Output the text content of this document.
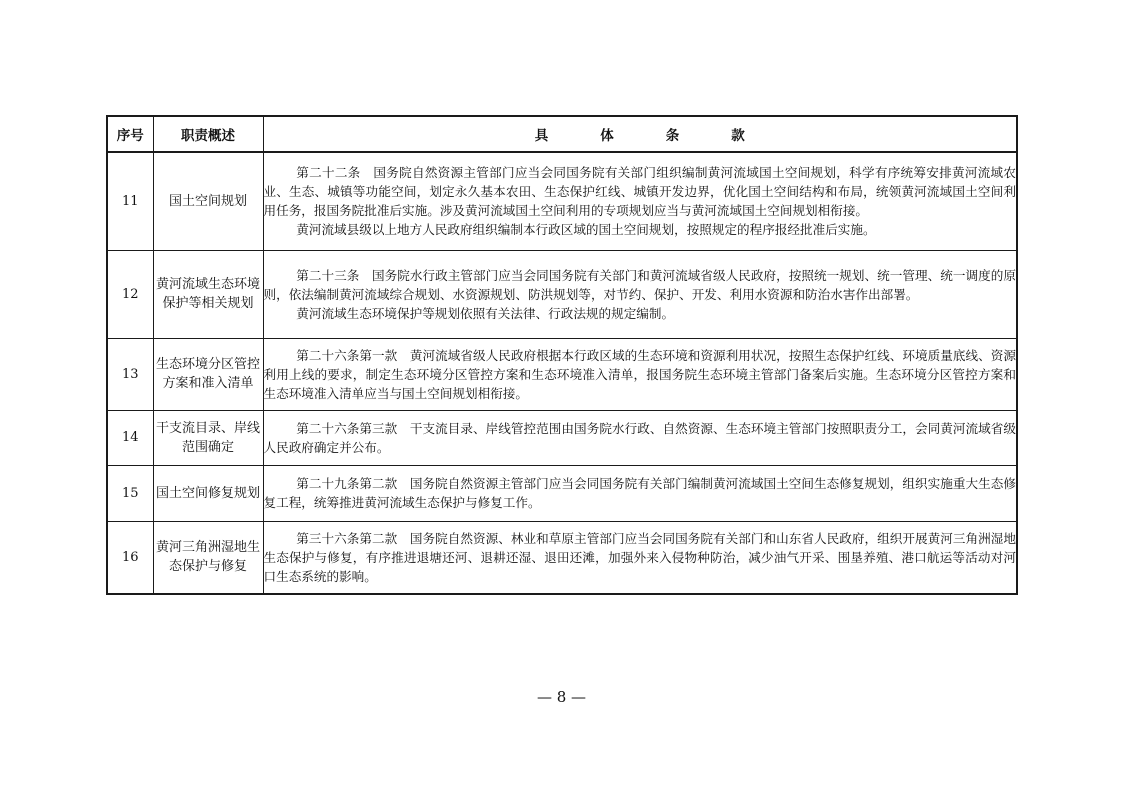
序号	职责概述	具体条款
11	国土空间规划	第二十二条　国务院自然资源主管部门应当会同国务院有关部门组织编制黄河流域国土空间规划，科学有序统筹安排黄河流域农业、生态、城镇等功能空间，划定永久基本农田、生态保护红线、城镇开发边界，优化国土空间结构和布局，统领黄河流域国土空间利用任务，报国务院批准后实施。涉及黄河流域国土空间利用的专项规划应当与黄河流域国土空间规划相衔接。

黄河流域县级以上地方人民政府组织编制本行政区域的国土空间规划，按照规定的程序报经批准后实施。

12	黄河流域生态环境保护等相关规划	第二十三条　国务院水行政主管部门应当会同国务院有关部门和黄河流域省级人民政府，按照统一规划、统一管理、统一调度的原则，依法编制黄河流域综合规划、水资源规划、防洪规划等，对节约、保护、开发、利用水资源和防治水害作出部署。

黄河流域生态环境保护等规划依照有关法律、行政法规的规定编制。

13	生态环境分区管控方案和准入清单	第二十六条第一款　黄河流域省级人民政府根据本行政区域的生态环境和资源利用状况，按照生态保护红线、环境质量底线、资源利用上线的要求，制定生态环境分区管控方案和生态环境准入清单，报国务院生态环境主管部门备案后实施。生态环境分区管控方案和生态环境准入清单应当与国土空间规划相衔接。

14	干支流目录、岸线范围确定	第二十六条第三款　干支流目录、岸线管控范围由国务院水行政、自然资源、生态环境主管部门按照职责分工，会同黄河流域省级人民政府确定并公布。

15	国土空间修复规划	第二十九条第二款　国务院自然资源主管部门应当会同国务院有关部门编制黄河流域国土空间生态修复规划，组织实施重大生态修复工程，统筹推进黄河流域生态保护与修复工作。

16	黄河三角洲湿地生态保护与修复	第三十六条第二款　国务院自然资源、林业和草原主管部门应当会同国务院有关部门和山东省人民政府，组织开展黄河三角洲湿地生态保护与修复，有序推进退塘还河、退耕还湿、退田还滩，加强外来入侵物种防治，减少油气开采、围垦养殖、港口航运等活动对河口生态系统的影响。

— 8 —
